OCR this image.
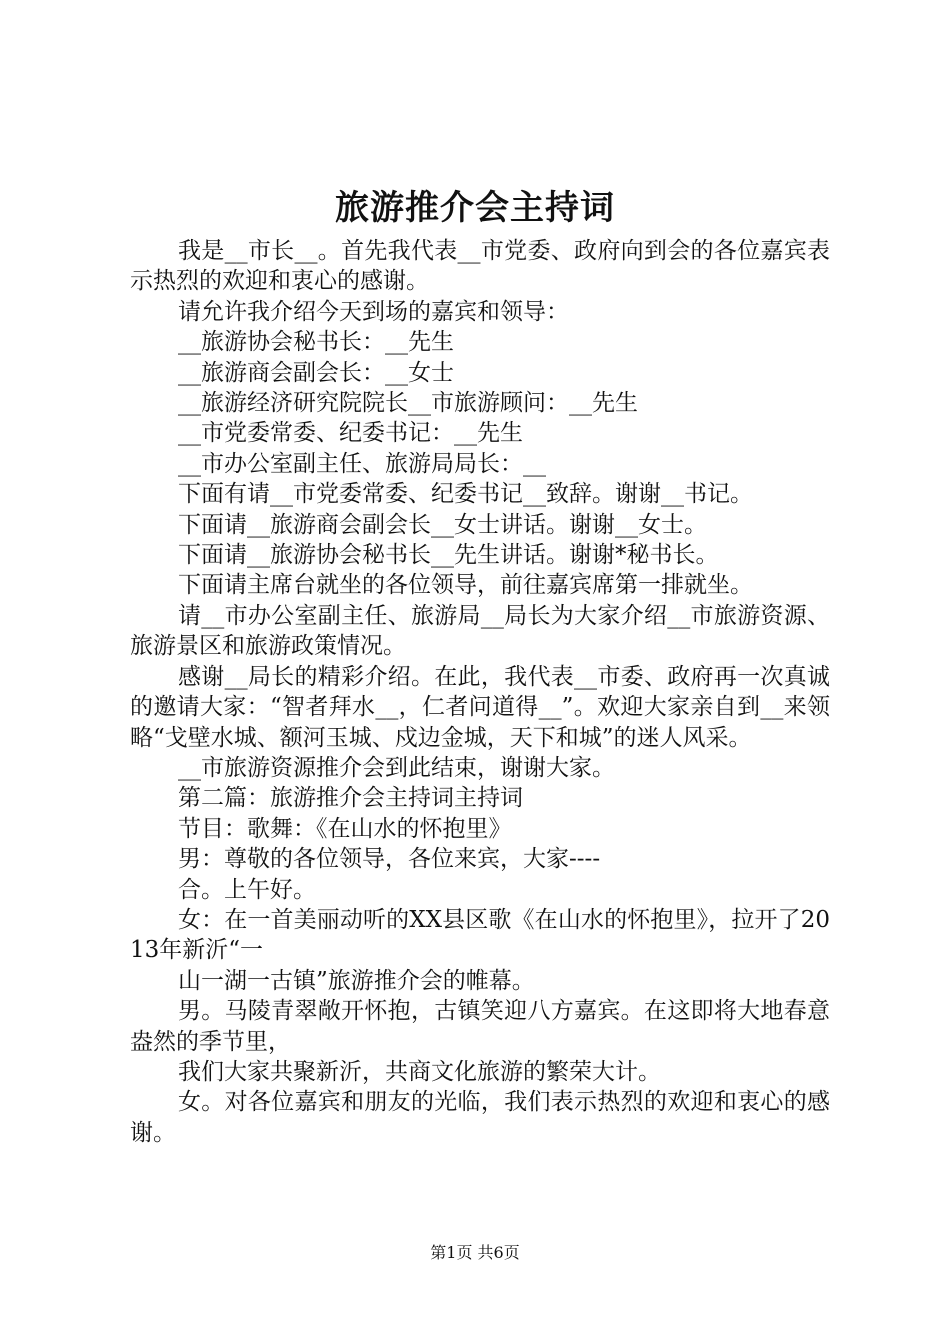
旅游推介会主持词

我是__市长__。首先我代表__市党委、政府向到会的各位嘉宾表示热烈的欢迎和衷心的感谢。

请允许我介绍今天到场的嘉宾和领导：

__旅游协会秘书长：__先生

__旅游商会副会长：__女士

__旅游经济研究院院长__市旅游顾问：__先生

__市党委常委、纪委书记：__先生

__市办公室副主任、旅游局局长：__

下面有请__市党委常委、纪委书记__致辞。谢谢__书记。

下面请__旅游商会副会长__女士讲话。谢谢__女士。

下面请__旅游协会秘书长__先生讲话。谢谢*秘书长。

下面请主席台就坐的各位领导，前往嘉宾席第一排就坐。

请__市办公室副主任、旅游局__局长为大家介绍__市旅游资源、旅游景区和旅游政策情况。

感谢__局长的精彩介绍。在此，我代表__市委、政府再一次真诚的邀请大家：“智者拜水__，仁者问道得__”。欢迎大家亲自到__来领略“戈壁水城、额河玉城、戍边金城，天下和城”的迷人风采。

__市旅游资源推介会到此结束，谢谢大家。

第二篇：旅游推介会主持词主持词

节目：歌舞：《在山水的怀抱里》

男：尊敬的各位领导，各位来宾，大家----

合。上午好。

女：在一首美丽动听的XX县区歌《在山水的怀抱里》，拉开了2013年新沂“一

山一湖一古镇”旅游推介会的帷幕。

男。马陵青翠敞开怀抱，古镇笑迎八方嘉宾。在这即将大地春意盎然的季节里，

我们大家共聚新沂，共商文化旅游的繁荣大计。

女。对各位嘉宾和朋友的光临，我们表示热烈的欢迎和衷心的感谢。

第1页 共6页
